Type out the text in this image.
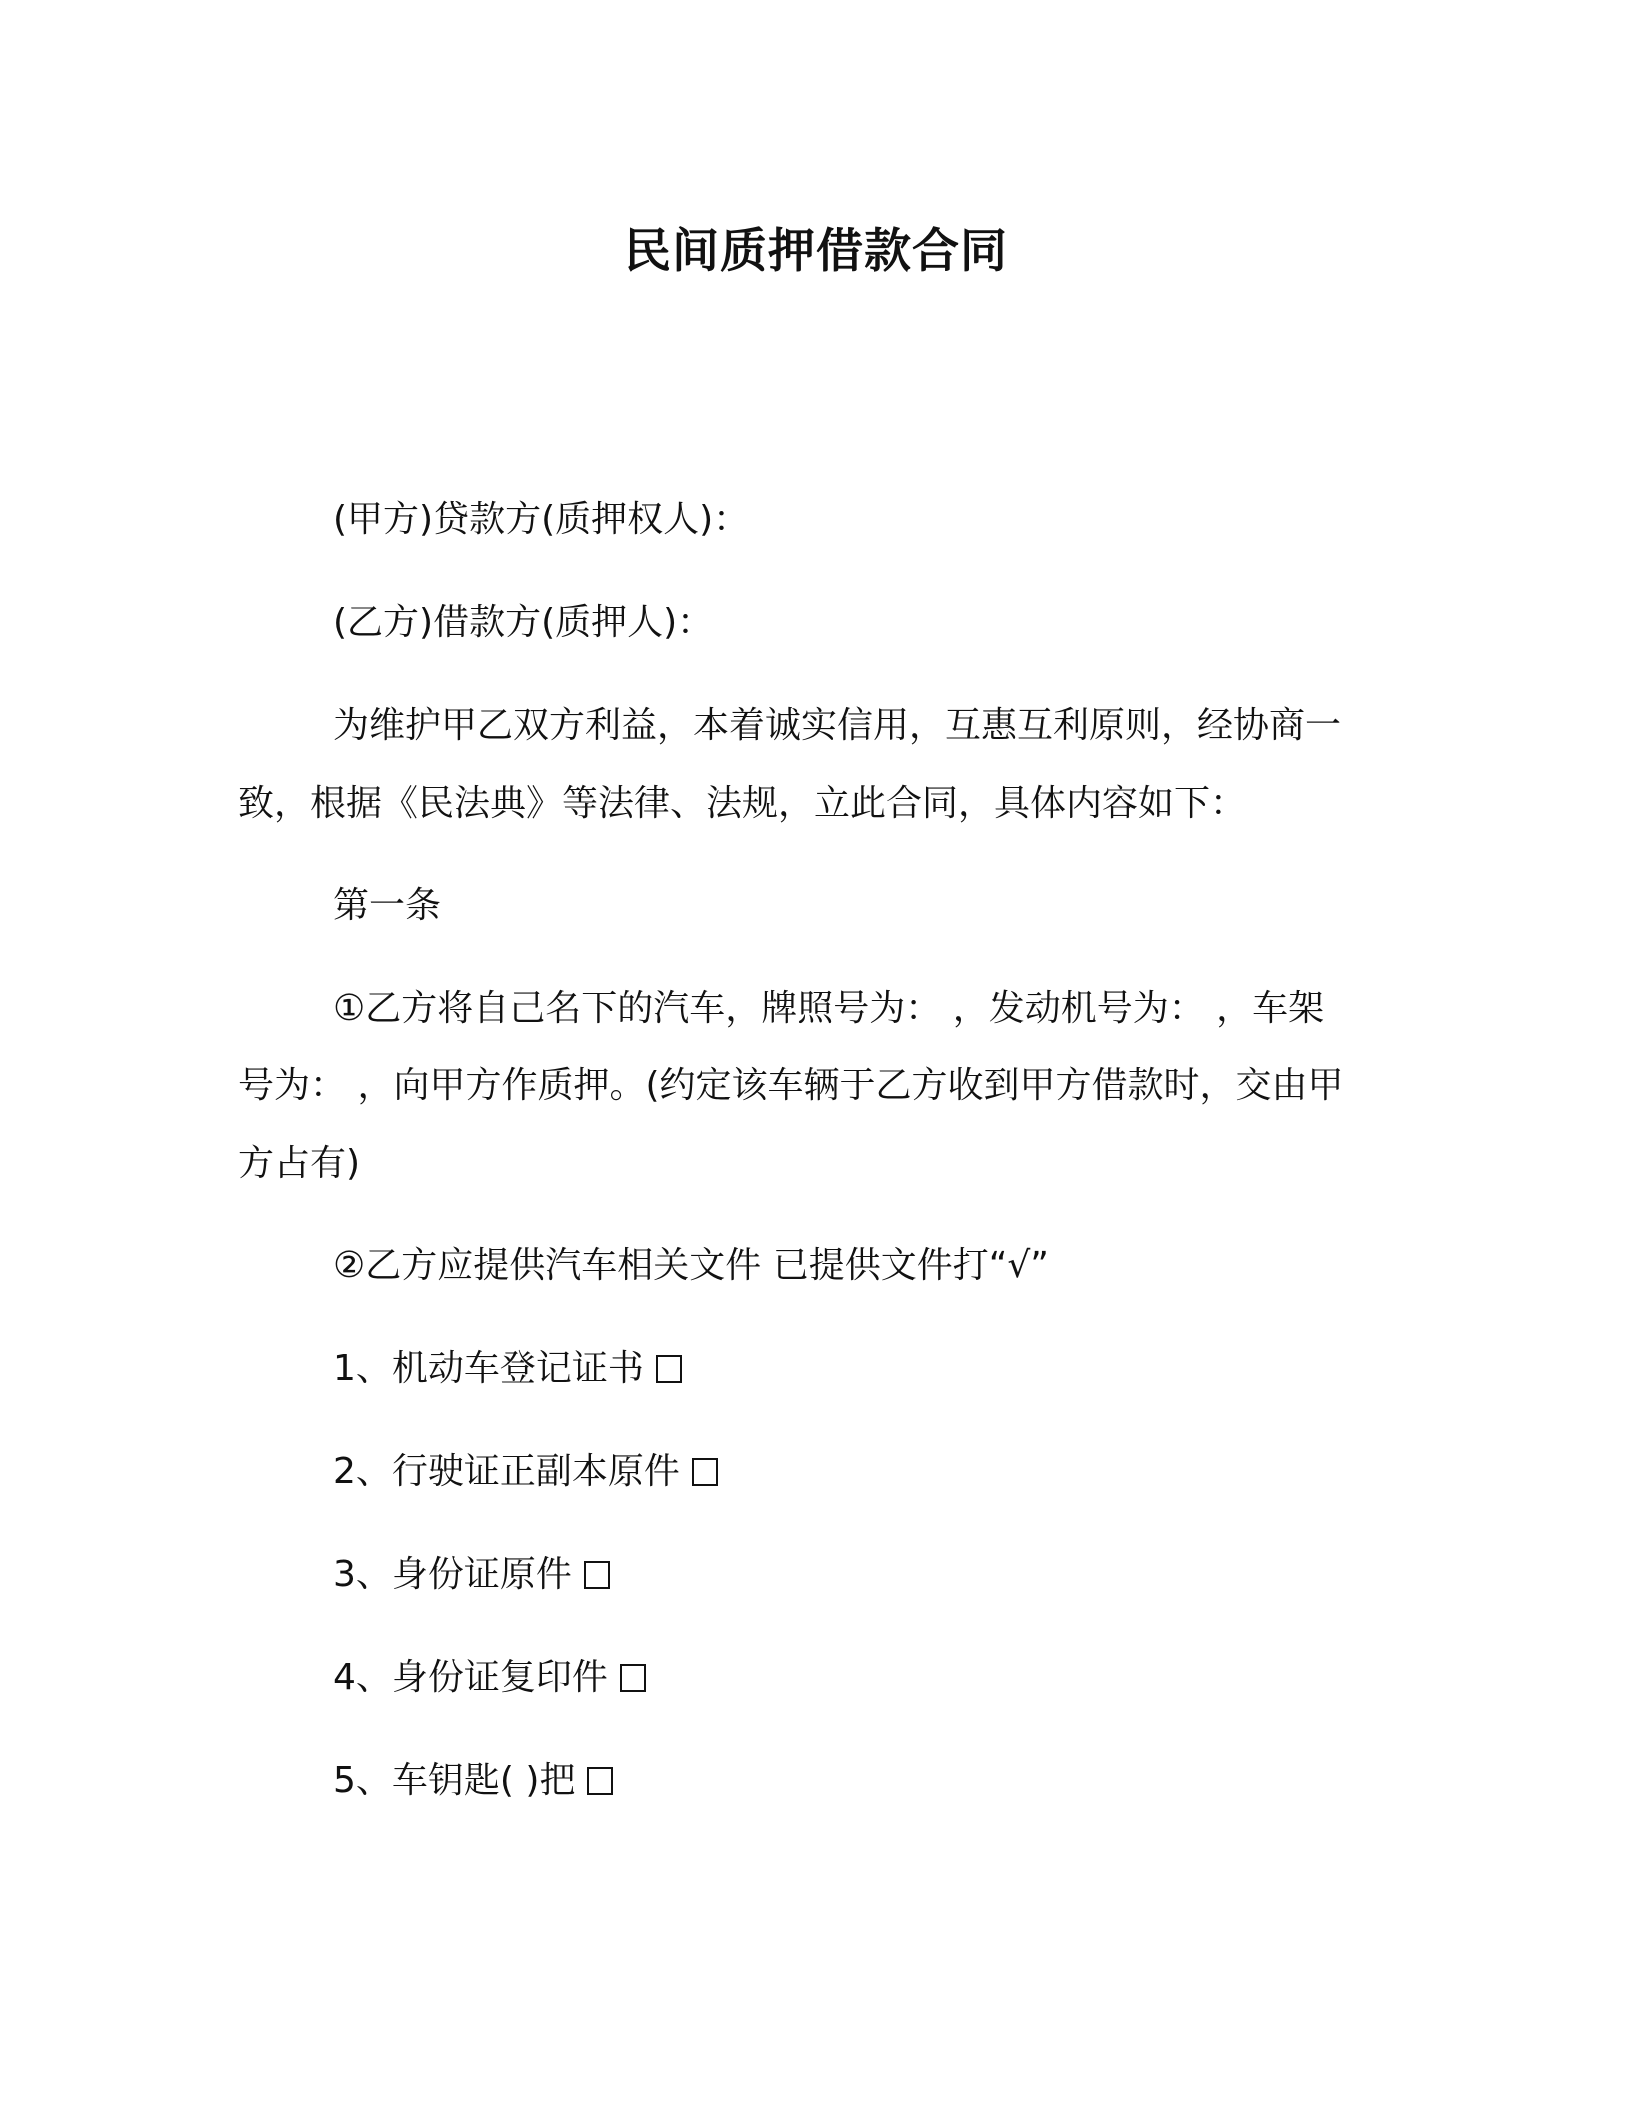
民间质押借款合同
(甲方)贷款方(质押权人)：
(乙方)借款方(质押人)：
为维护甲乙双方利益，本着诚实信用，互惠互利原则，经协商一
致，根据《民法典》等法律、法规，立此合同，具体内容如下：
第一条
①乙方将自己名下的汽车，牌照号为： ，发动机号为： ，车架
号为： ，向甲方作质押。(约定该车辆于乙方收到甲方借款时，交由甲
方占有)
②乙方应提供汽车相关文件 已提供文件打“√”
1、机动车登记证书
2、行驶证正副本原件
3、身份证原件
4、身份证复印件
5、车钥匙( )把
